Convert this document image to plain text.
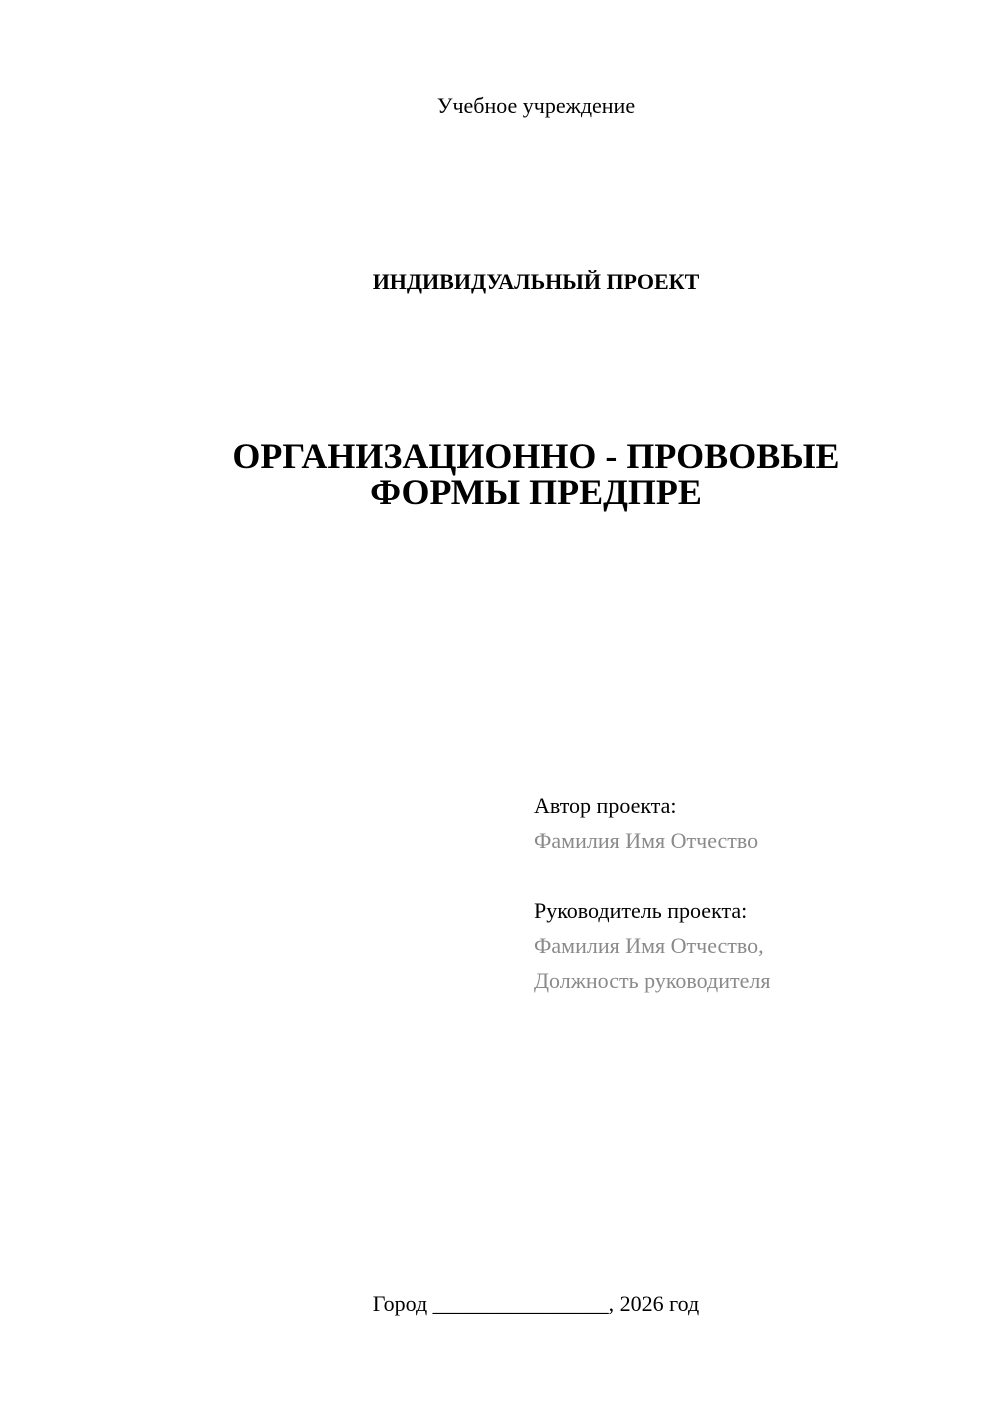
Учебное учреждение
ИНДИВИДУАЛЬНЫЙ ПРОЕКТ
ОРГАНИЗАЦИОННО - ПРОВОВЫЕ
ФОРМЫ ПРЕДПРЕ
Автор проекта:
Фамилия Имя Отчество
Руководитель проекта:
Фамилия Имя Отчество,
Должность руководителя
Город ________________, 2026 год
